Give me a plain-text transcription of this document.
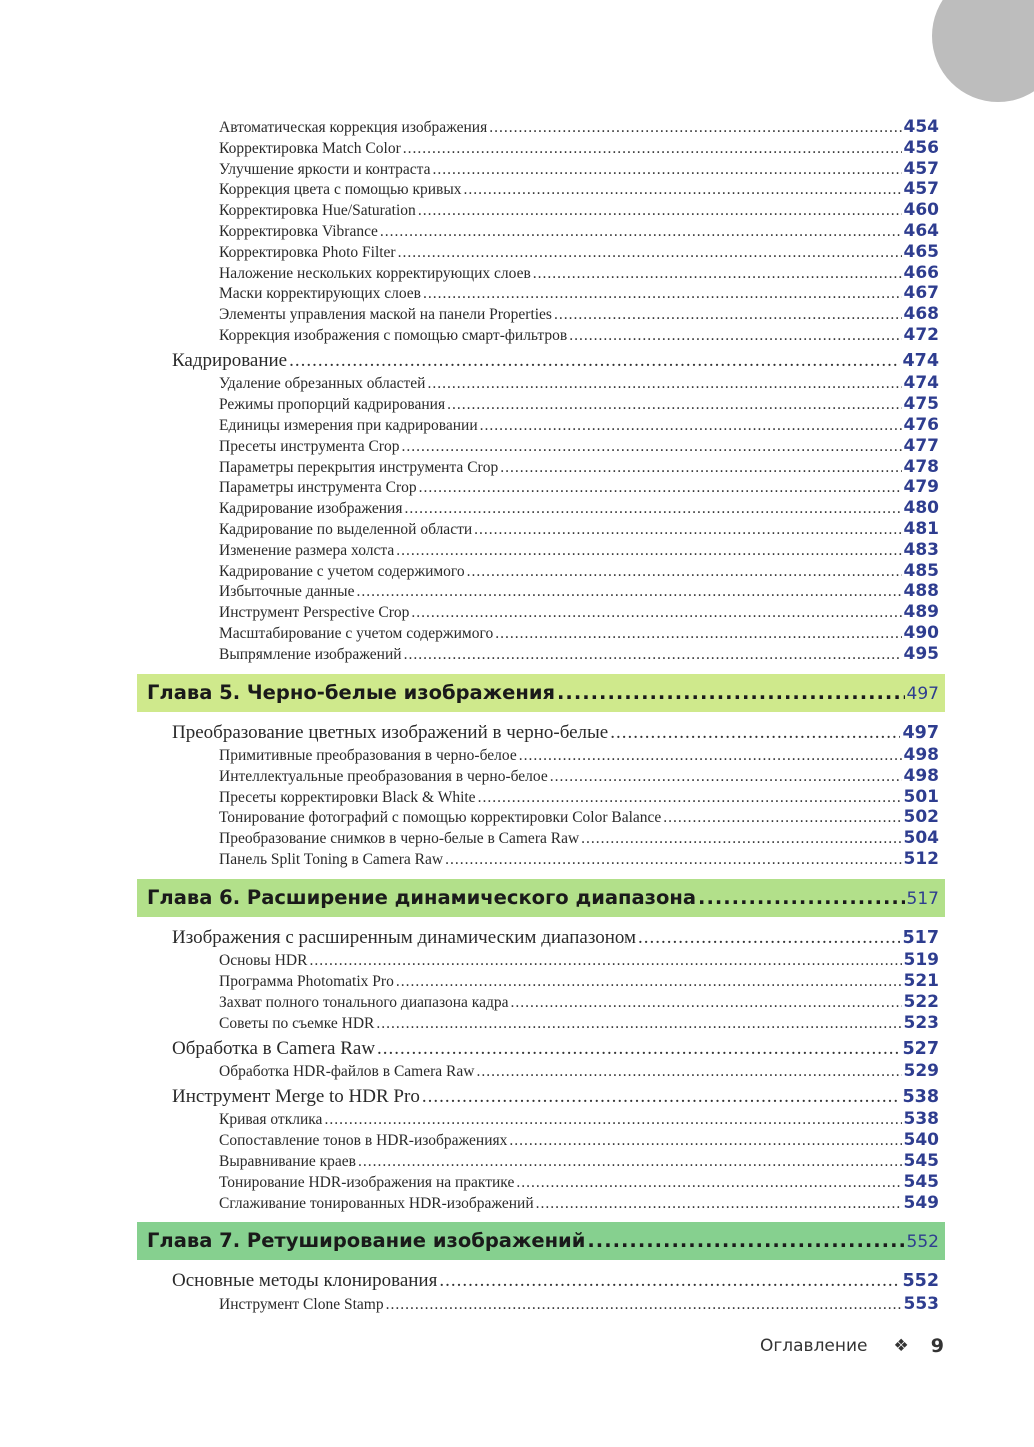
Автоматическая коррекция изображения .....	454
Корректировка Match Color .....	456
Улучшение яркости и контраста .....	457
Коррекция цвета с помощью кривых .....	457
Корректировка Hue/Saturation .....	460
Корректировка Vibrance .....	464
Корректировка Photo Filter .....	465
Наложение нескольких корректирующих слоев .....	466
Маски корректирующих слоев .....	467
Элементы управления маской на панели Properties .....	468
Коррекция изображения с помощью смарт-фильтров .....	472
Кадрирование .....	474
Удаление обрезанных областей .....	474
Режимы пропорций кадрирования .....	475
Единицы измерения при кадрировании .....	476
Пресеты инструмента Crop .....	477
Параметры перекрытия инструмента Crop .....	478
Параметры инструмента Crop .....	479
Кадрирование изображения .....	480
Кадрирование по выделенной области .....	481
Изменение размера холста .....	483
Кадрирование с учетом содержимого .....	485
Избыточные данные .....	488
Инструмент Perspective Crop .....	489
Масштабирование с учетом содержимого .....	490
Выпрямление изображений .....	495
Глава 5. Черно-белые изображения .....	497
Преобразование цветных изображений в черно-белые .....	497
Примитивные преобразования в черно-белое .....	498
Интеллектуальные преобразования в черно-белое .....	498
Пресеты корректировки Black & White .....	501
Тонирование фотографий с помощью корректировки Color Balance .....	502
Преобразование снимков в черно-белые в Camera Raw .....	504
Панель Split Toning в Camera Raw .....	512
Глава 6. Расширение динамического диапазона .....	517
Изображения с расширенным динамическим диапазоном .....	517
Основы HDR .....	519
Программа Photomatix Pro .....	521
Захват полного тонального диапазона кадра .....	522
Советы по съемке HDR .....	523
Обработка в Camera Raw .....	527
Обработка HDR-файлов в Camera Raw .....	529
Инструмент Merge to HDR Pro .....	538
Кривая отклика .....	538
Сопоставление тонов в HDR-изображениях .....	540
Выравнивание краев .....	545
Тонирование HDR-изображения на практике .....	545
Сглаживание тонированных HDR-изображений .....	549
Глава 7. Ретуширование изображений .....	552
Основные методы клонирования .....	552
Инструмент Clone Stamp .....	553
Оглавление ❖ 9
